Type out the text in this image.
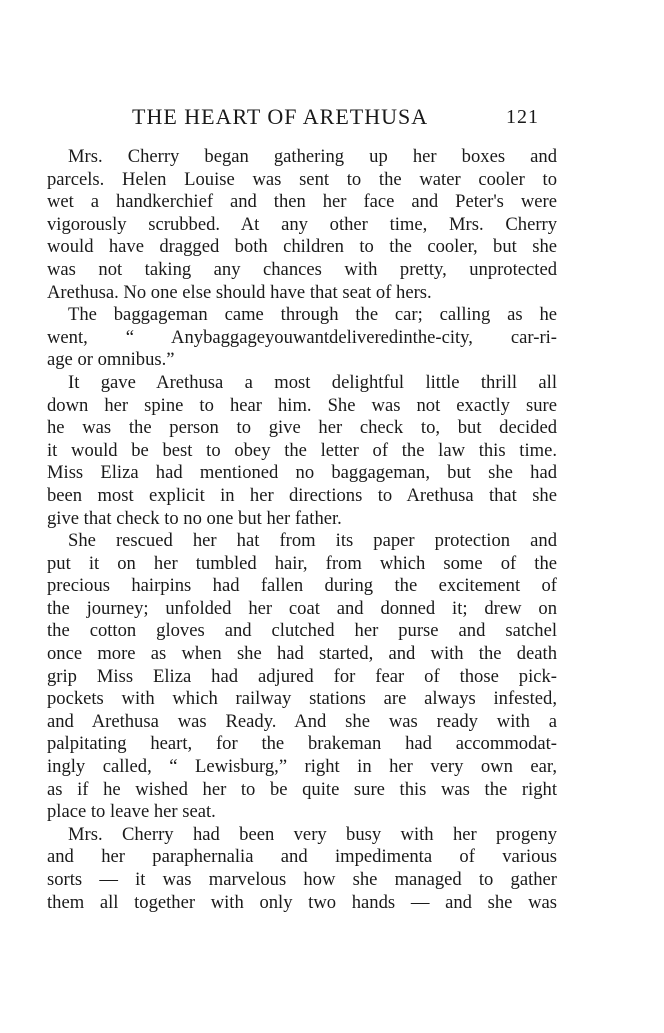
THE HEART OF ARETHUSA	121
Mrs. Cherry began gathering up her boxes and
parcels. Helen Louise was sent to the water cooler to
wet a handkerchief and then her face and Peter's were
vigorously scrubbed. At any other time, Mrs. Cherry
would have dragged both children to the cooler, but she
was not taking any chances with pretty, unprotected
Arethusa. No one else should have that seat of hers.
The baggageman came through the car; calling as he
went, “ Anybaggageyouwantdeliveredinthe-city, car-ri-
age or omnibus.”
It gave Arethusa a most delightful little thrill all
down her spine to hear him. She was not exactly sure
he was the person to give her check to, but decided
it would be best to obey the letter of the law this time.
Miss Eliza had mentioned no baggageman, but she had
been most explicit in her directions to Arethusa that she
give that check to no one but her father.
She rescued her hat from its paper protection and
put it on her tumbled hair, from which some of the
precious hairpins had fallen during the excitement of
the journey; unfolded her coat and donned it; drew on
the cotton gloves and clutched her purse and satchel
once more as when she had started, and with the death
grip Miss Eliza had adjured for fear of those pick-
pockets with which railway stations are always infested,
and Arethusa was Ready. And she was ready with a
palpitating heart, for the brakeman had accommodat-
ingly called, “ Lewisburg,” right in her very own ear,
as if he wished her to be quite sure this was the right
place to leave her seat.
Mrs. Cherry had been very busy with her progeny
and her paraphernalia and impedimenta of various
sorts — it was marvelous how she managed to gather
them all together with only two hands — and she was
